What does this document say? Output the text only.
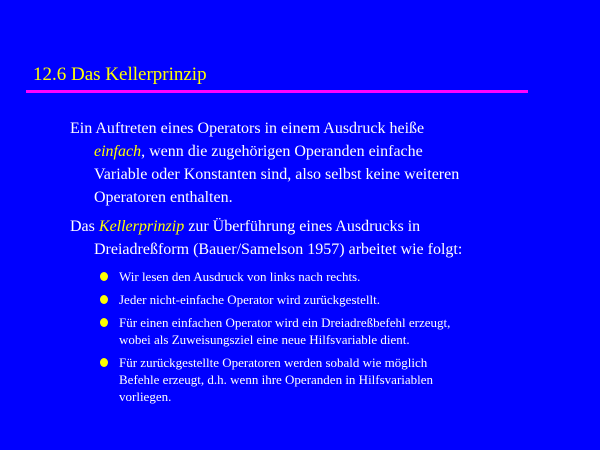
12.6 Das Kellerprinzip
Ein Auftreten eines Operators in einem Ausdruck heiße
einfach, wenn die zugehörigen Operanden einfache
Variable oder Konstanten sind, also selbst keine weiteren
Operatoren enthalten.
Das Kellerprinzip zur Überführung eines Ausdrucks in
Dreiadreßform (Bauer/Samelson 1957) arbeitet wie folgt:
Wir lesen den Ausdruck von links nach rechts.
Jeder nicht-einfache Operator wird zurückgestellt.
Für einen einfachen Operator wird ein Dreiadreßbefehl erzeugt,
wobei als Zuweisungsziel eine neue Hilfsvariable dient.
Für zurückgestellte Operatoren werden sobald wie möglich
Befehle erzeugt, d.h. wenn ihre Operanden in Hilfsvariablen
vorliegen.
